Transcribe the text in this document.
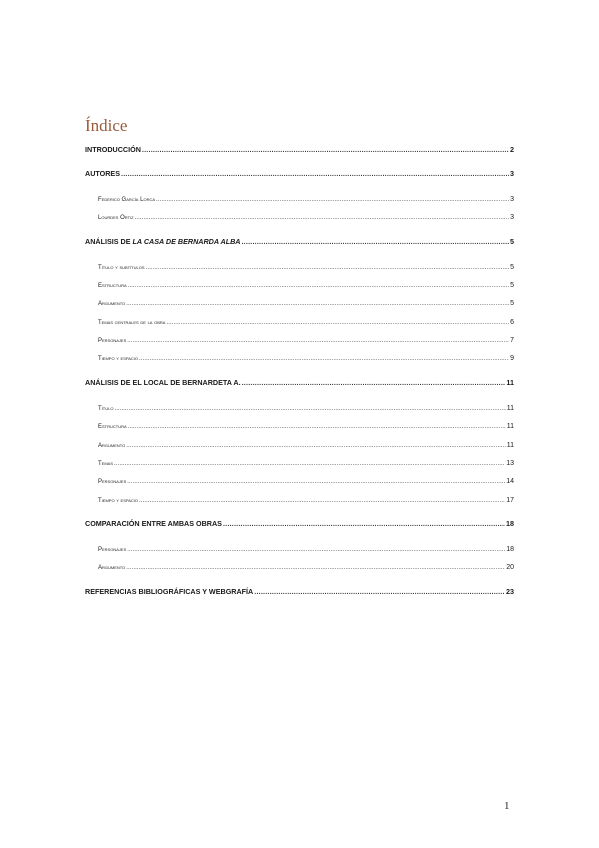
Índice
INTRODUCCIÓN .....	2
AUTORES .....	3
Federico García Lorca .....	3
Lourdes Ortiz .....	3
ANÁLISIS DE LA CASA DE BERNARDA ALBA .....	5
Título y subtítulos .....	5
Estructura .....	5
Argumento .....	5
Temas centrales de la obra .....	6
Personajes .....	7
Tiempo y espacio .....	9
ANÁLISIS DE EL LOCAL DE BERNARDETA A. .....	11
Título .....	11
Estructura .....	11
Argumento .....	11
Temas .....	13
Personajes .....	14
Tiempo y espacio .....	17
COMPARACIÓN ENTRE AMBAS OBRAS .....	18
Personajes .....	18
Argumento .....	20
REFERENCIAS BIBLIOGRÁFICAS Y WEBGRAFÍA .....	23
1
